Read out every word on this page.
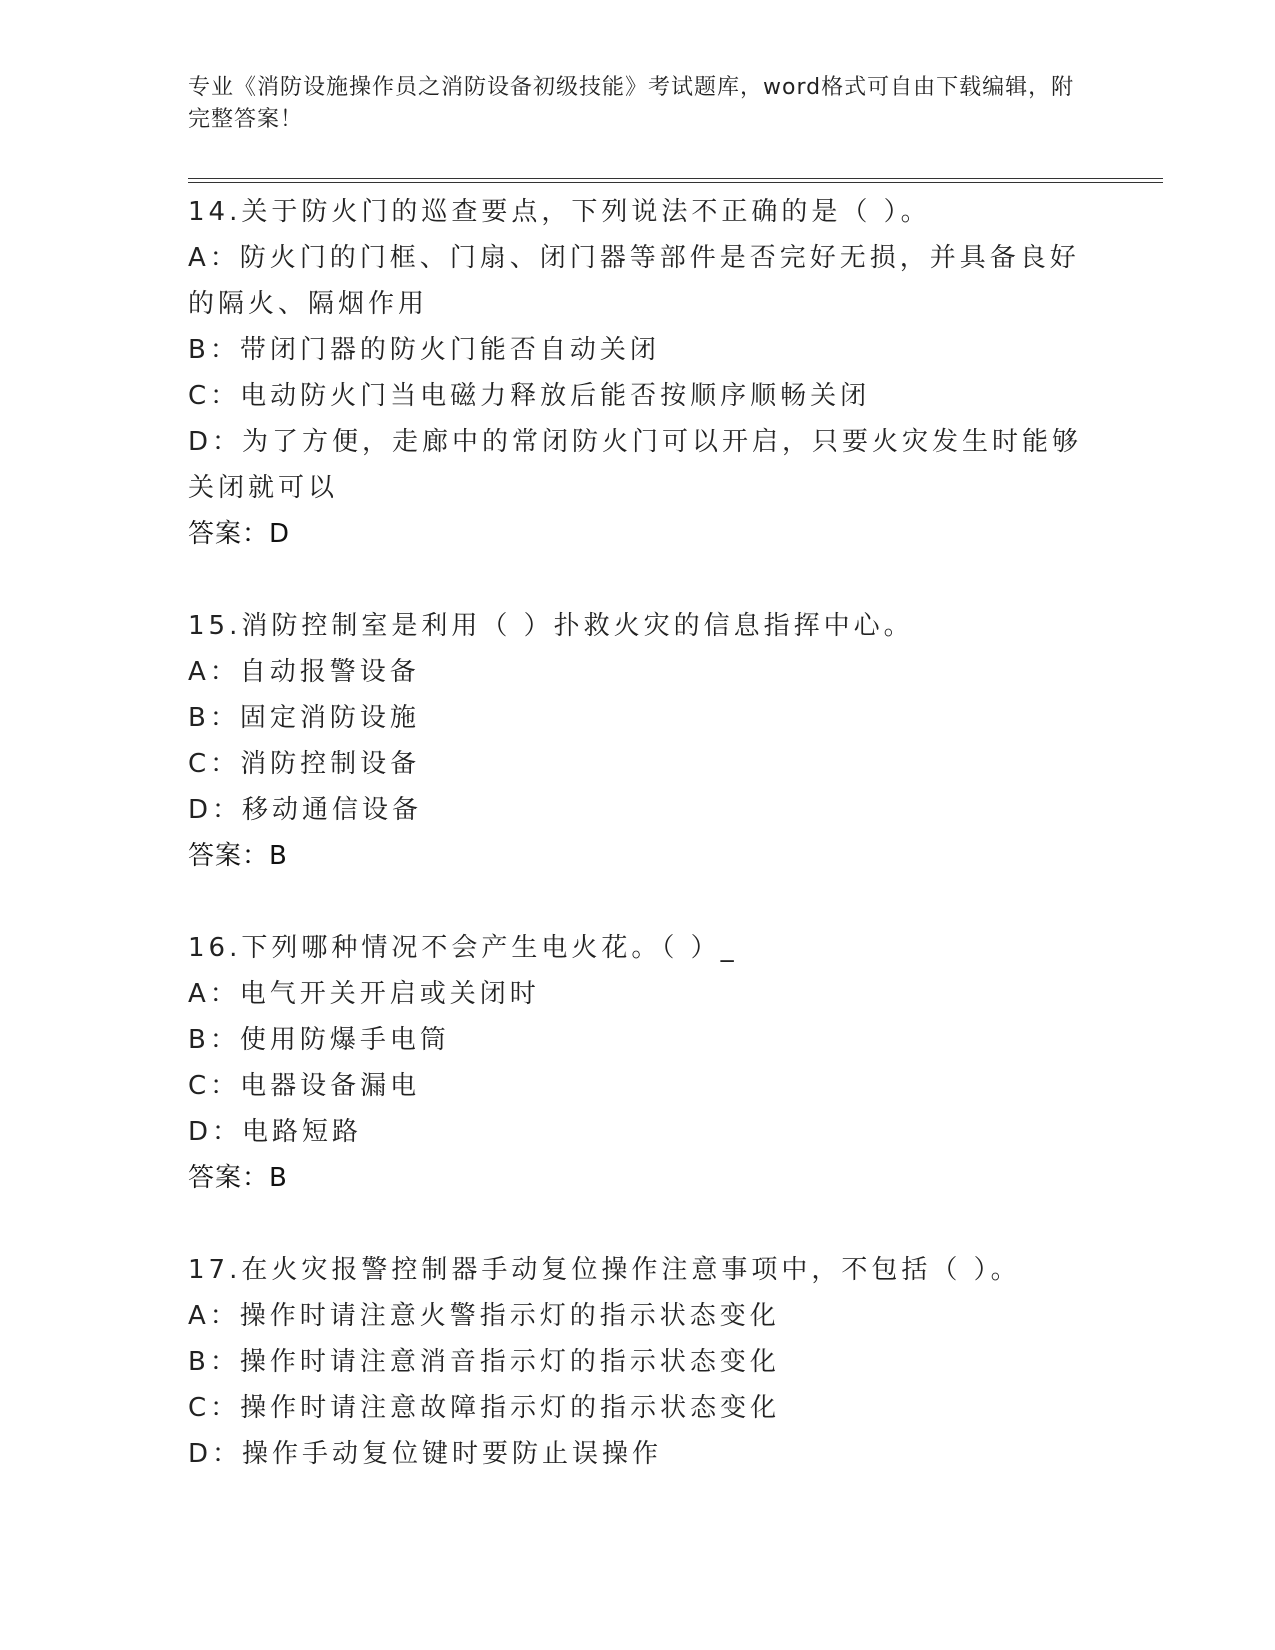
专业《消防设施操作员之消防设备初级技能》考试题库，word格式可自由下载编辑，附完整答案！
14.关于防火门的巡查要点，下列说法不正确的是（ ）。
A：防火门的门框、门扇、闭门器等部件是否完好无损，并具备良好的隔火、隔烟作用
B：带闭门器的防火门能否自动关闭
C：电动防火门当电磁力释放后能否按顺序顺畅关闭
D：为了方便，走廊中的常闭防火门可以开启，只要火灾发生时能够关闭就可以
答案：D
15.消防控制室是利用（ ）扑救火灾的信息指挥中心。
A：自动报警设备
B：固定消防设施
C：消防控制设备
D：移动通信设备
答案：B
16.下列哪种情况不会产生电火花。（ ）_
A：电气开关开启或关闭时
B：使用防爆手电筒
C：电器设备漏电
D：电路短路
答案：B
17.在火灾报警控制器手动复位操作注意事项中，不包括（ ）。
A：操作时请注意火警指示灯的指示状态变化
B：操作时请注意消音指示灯的指示状态变化
C：操作时请注意故障指示灯的指示状态变化
D：操作手动复位键时要防止误操作
